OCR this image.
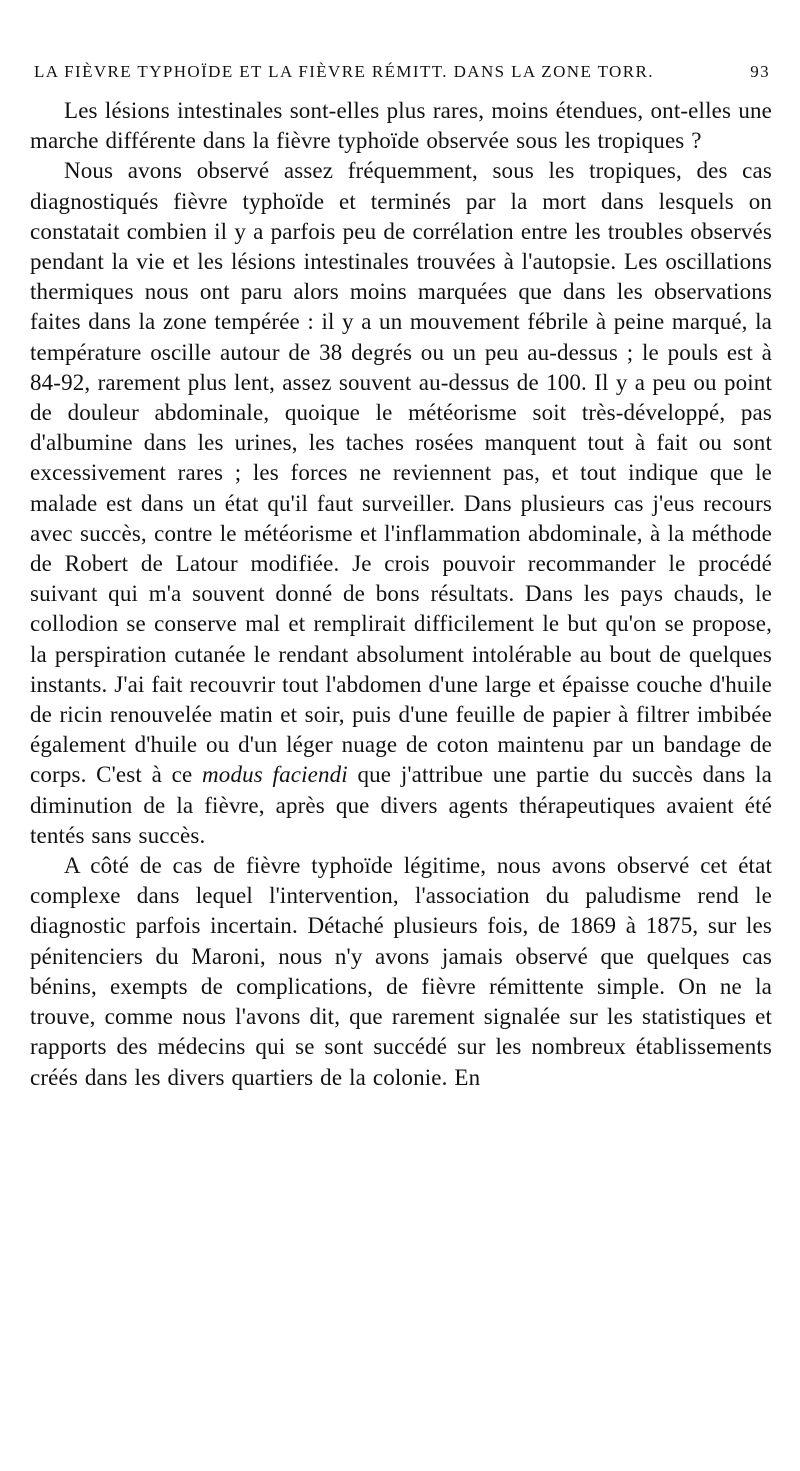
LA FIÈVRE TYPHOÏDE ET LA FIÈVRE RÉMITT. DANS LA ZONE TORR.	93

Les lésions intestinales sont-elles plus rares, moins étendues, ont-elles une marche différente dans la fièvre typhoïde observée sous les tropiques ?

Nous avons observé assez fréquemment, sous les tropiques, des cas diagnostiqués fièvre typhoïde et terminés par la mort dans lesquels on constatait combien il y a parfois peu de corrélation entre les troubles observés pendant la vie et les lésions intestinales trouvées à l'autopsie. Les oscillations thermiques nous ont paru alors moins marquées que dans les observations faites dans la zone tempérée : il y a un mouvement fébrile à peine marqué, la température oscille autour de 38 degrés ou un peu au-dessus ; le pouls est à 84-92, rarement plus lent, assez souvent au-dessus de 100. Il y a peu ou point de douleur abdominale, quoique le météorisme soit très-développé, pas d'albumine dans les urines, les taches rosées manquent tout à fait ou sont excessivement rares ; les forces ne reviennent pas, et tout indique que le malade est dans un état qu'il faut surveiller. Dans plusieurs cas j'eus recours avec succès, contre le météorisme et l'inflammation abdominale, à la méthode de Robert de Latour modifiée. Je crois pouvoir recommander le procédé suivant qui m'a souvent donné de bons résultats. Dans les pays chauds, le collodion se conserve mal et remplirait difficilement le but qu'on se propose, la perspiration cutanée le rendant absolument intolérable au bout de quelques instants. J'ai fait recouvrir tout l'abdomen d'une large et épaisse couche d'huile de ricin renouvelée matin et soir, puis d'une feuille de papier à filtrer imbibée également d'huile ou d'un léger nuage de coton maintenu par un bandage de corps. C'est à ce modus faciendi que j'attribue une partie du succès dans la diminution de la fièvre, après que divers agents thérapeutiques avaient été tentés sans succès.

A côté de cas de fièvre typhoïde légitime, nous avons observé cet état complexe dans lequel l'intervention, l'association du paludisme rend le diagnostic parfois incertain. Détaché plusieurs fois, de 1869 à 1875, sur les pénitenciers du Maroni, nous n'y avons jamais observé que quelques cas bénins, exempts de complications, de fièvre rémittente simple. On ne la trouve, comme nous l'avons dit, que rarement signalée sur les statistiques et rapports des médecins qui se sont succédé sur les nombreux établissements créés dans les divers quartiers de la colonie. En
